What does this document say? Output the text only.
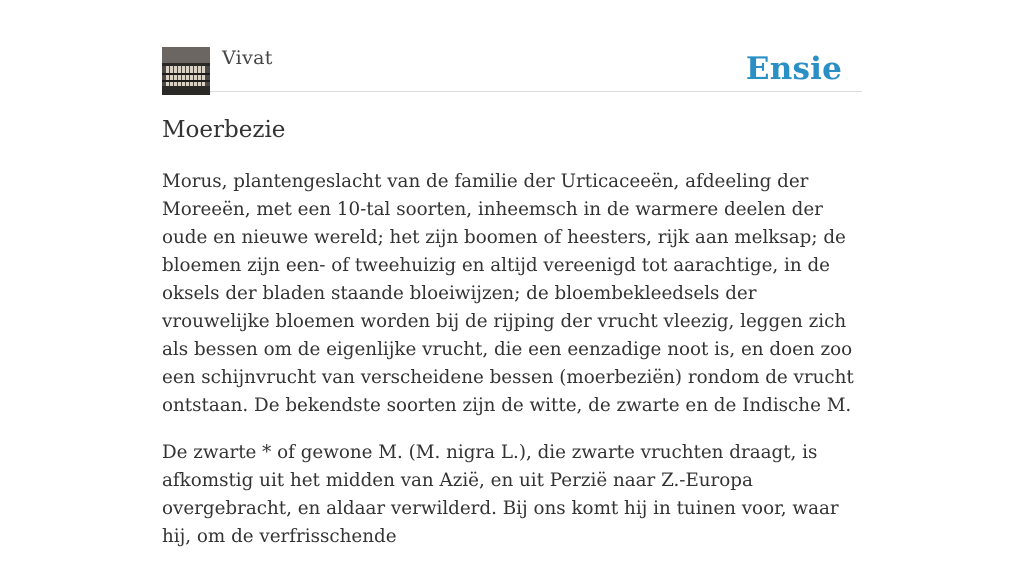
Vivat	Ensie
Moerbezie

Morus, plantengeslacht van de familie der Urticaceeën, afdeeling der Moreeën, met een 10-tal soorten, inheemsch in de warmere deelen der oude en nieuwe wereld; het zijn boomen of heesters, rijk aan melksap; de bloemen zijn een- of tweehuizig en altijd vereenigd tot aarachtige, in de oksels der bladen staande bloeiwijzen; de bloembekleedsels der vrouwelijke bloemen worden bij de rijping der vrucht vleezig, leggen zich als bessen om de eigenlijke vrucht, die een eenzadige noot is, en doen zoo een schijnvrucht van verscheidene bessen (moerbeziën) rondom de vrucht ontstaan. De bekendste soorten zijn de witte, de zwarte en de Indische M.

De zwarte * of gewone M. (M. nigra L.), die zwarte vruchten draagt, is afkomstig uit het midden van Azië, en uit Perzië naar Z.-Europa overgebracht, en aldaar verwilderd. Bij ons komt hij in tuinen voor, waar hij, om de verfrisschende
